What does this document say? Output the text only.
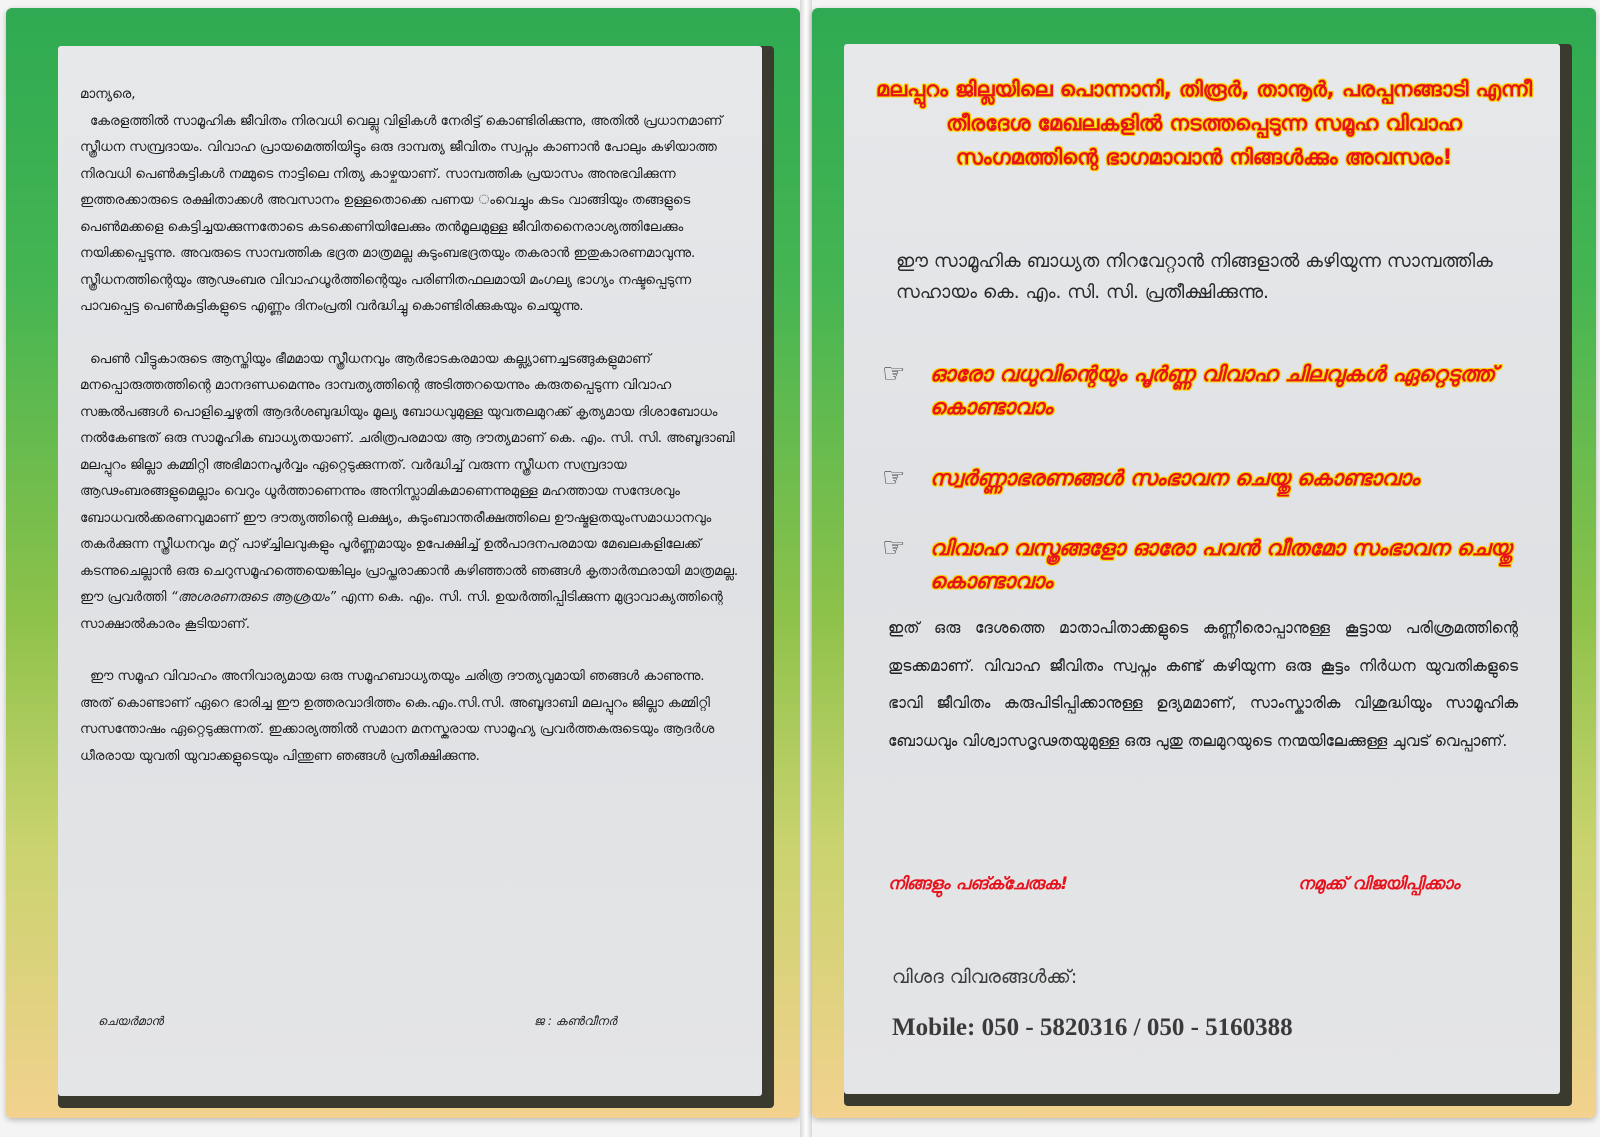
മാന്യരെ,

കേരളത്തിൽ സാമൂഹിക ജീവിതം നിരവധി വെല്ലു വിളികൾ നേരിട്ട് കൊണ്ടിരിക്കുന്നു, അതിൽ പ്രധാനമാണ് സ്ത്രീധന സമ്പ്രദായം. വിവാഹ പ്രായമെത്തിയിട്ടും ഒരു ദാമ്പത്യ ജീവിതം സ്വപ്നം കാണാൻ പോലും കഴിയാത്ത നിരവധി പെൺകുട്ടികൾ നമ്മുടെ നാട്ടിലെ നിത്യ കാഴ്ചയാണ്. സാമ്പത്തിക പ്രയാസം അനുഭവിക്കുന്ന ഇത്തരക്കാരുടെ രക്ഷിതാക്കൾ അവസാനം ഉള്ളതൊക്കെ പണയ ംവെച്ചും കടം വാങ്ങിയും തങ്ങളുടെ പെൺമക്കളെ കെട്ടിച്ചയക്കുന്നതോടെ കടക്കെണിയിലേക്കും തൻമൂലമുള്ള ജീവിതനൈരാശ്യത്തിലേക്കും നയിക്കപ്പെടുന്നു. അവരുടെ സാമ്പത്തിക ഭദ്രത മാത്രമല്ല കുടുംബഭദ്രതയും തകരാൻ ഇതുകാരണമാവുന്നു. സ്ത്രീധനത്തിന്റെയും ആഢംബര വിവാഹധൂർത്തിന്റെയും പരിണിതഫലമായി മംഗല്യ ഭാഗ്യം നഷ്ടപ്പെടുന്ന പാവപ്പെട്ട പെൺകുട്ടികളുടെ എണ്ണം ദിനംപ്രതി വർദ്ധിച്ചു കൊണ്ടിരിക്കുകയും ചെയ്യുന്നു.

പെൺ വീട്ടുകാരുടെ ആസ്തിയും ഭീമമായ സ്ത്രീധനവും ആർഭാടകരമായ കല്ല്യാണച്ചടങ്ങുകളുമാണ് മനപ്പൊരുത്തത്തിന്റെ മാനദണ്ഡമെന്നും ദാമ്പത്യത്തിന്റെ അടിത്തറയെന്നും കരുതപ്പെടുന്ന വിവാഹ സങ്കൽപങ്ങൾ പൊളിച്ചെഴുതി ആദർശബുദ്ധിയും മൂല്യ ബോധവുമുള്ള യുവതലമുറക്ക് കൃത്യമായ ദിശാബോധം നൽകേണ്ടത് ഒരു സാമൂഹിക ബാധ്യതയാണ്. ചരിത്രപരമായ ആ ദൗത്യമാണ് കെ. എം. സി. സി. അബൂദാബി മലപ്പുറം ജില്ലാ കമ്മിറ്റി അഭിമാനപൂർവ്വം ഏറ്റെടുക്കുന്നത്. വർദ്ധിച്ച് വരുന്ന സ്ത്രീധന സമ്പ്രദായ ആഢംബരങ്ങളുമെല്ലാം വെറും ധൂർത്താണെന്നും അനിസ്ലാമികമാണെന്നുമുള്ള മഹത്തായ സന്ദേശവും ബോധവൽക്കരണവുമാണ് ഈ ദൗത്യത്തിന്റെ ലക്ഷ്യം, കുടുംബാന്തരീക്ഷത്തിലെ ഊഷ്മളതയുംസമാധാനവും തകർക്കുന്ന സ്ത്രീധനവും മറ്റ് പാഴ്ച്ചിലവുകളും പൂർണ്ണമായും ഉപേക്ഷിച്ച് ഉൽപാദനപരമായ മേഖലകളിലേക്ക് കടന്നുചെല്ലാൻ ഒരു ചെറുസമൂഹത്തെയെങ്കിലും പ്രാപ്തരാക്കാൻ കഴിഞ്ഞാൽ ഞങ്ങൾ കൃതാർത്ഥരായി മാത്രമല്ല. ഈ പ്രവർത്തി “അശരണരുടെ ആശ്രയം” എന്ന കെ. എം. സി. സി. ഉയർത്തിപ്പിടിക്കുന്ന മുദ്രാവാക്യത്തിന്റെ സാക്ഷാൽകാരം കൂടിയാണ്.

ഈ സമൂഹ വിവാഹം അനിവാര്യമായ ഒരു സമൂഹബാധ്യതയും ചരിത്ര ദൗത്യവുമായി ഞങ്ങൾ കാണുന്നു. അത് കൊണ്ടാണ് ഏറെ ഭാരിച്ച ഈ ഉത്തരവാദിത്തം കെ.എം.സി.സി. അബൂദാബി മലപ്പുറം ജില്ലാ കമ്മിറ്റി സസന്തോഷം ഏറ്റെടുക്കുന്നത്. ഇക്കാര്യത്തിൽ സമാന മനസ്കരായ സാമൂഹ്യ പ്രവർത്തകരുടെയും ആദർശ ധീരരായ യുവതി യുവാക്കളുടെയും പിന്തുണ ഞങ്ങൾ പ്രതീക്ഷിക്കുന്നു.

ചെയർമാൻ	ജ : കൺവീനർ
മലപ്പുറം ജില്ലയിലെ പൊന്നാനി, തിരൂർ, താനൂർ, പരപ്പനങ്ങാടി എന്നീ തീരദേശ മേഖലകളിൽ നടത്തപ്പെടുന്ന സമൂഹ വിവാഹ സംഗമത്തിന്റെ ഭാഗമാവാൻ നിങ്ങൾക്കും അവസരം!
ഈ സാമൂഹിക ബാധ്യത നിറവേറ്റാൻ നിങ്ങളാൽ കഴിയുന്ന സാമ്പത്തിക സഹായം കെ. എം. സി. സി. പ്രതീക്ഷിക്കുന്നു.
☞	ഓരോ വധുവിന്റെയും പൂർണ്ണ വിവാഹ ചിലവുകൾ ഏറ്റെടുത്ത് കൊണ്ടാവാം
☞	സ്വർണ്ണാഭരണങ്ങൾ സംഭാവന ചെയ്തു കൊണ്ടാവാം
☞	വിവാഹ വസ്ത്രങ്ങളോ ഓരോ പവൻ വീതമോ സംഭാവന ചെയ്തു കൊണ്ടാവാം
ഇത് ഒരു ദേശത്തെ മാതാപിതാക്കളുടെ കണ്ണീരൊപ്പാനുള്ള കൂട്ടായ പരിശ്രമത്തിന്റെ തുടക്കമാണ്. വിവാഹ ജീവിതം സ്വപ്നം കണ്ട് കഴിയുന്ന ഒരു കൂട്ടം നിർധന യുവതികളുടെ ഭാവി ജീവിതം കരുപിടിപ്പിക്കാനുള്ള ഉദ്യമമാണ്, സാംസ്കാരിക വിശുദ്ധിയും സാമൂഹിക ബോധവും വിശ്വാസദൃഢതയുമുള്ള ഒരു പുതു തലമുറയുടെ നന്മയിലേക്കുള്ള ചുവട് വെപ്പാണ്.
നിങ്ങളും പങ്ക്ചേരുക!	നമുക്ക് വിജയിപ്പിക്കാം
വിശദ വിവരങ്ങൾക്ക്:
Mobile: 050 - 5820316 / 050 - 5160388
